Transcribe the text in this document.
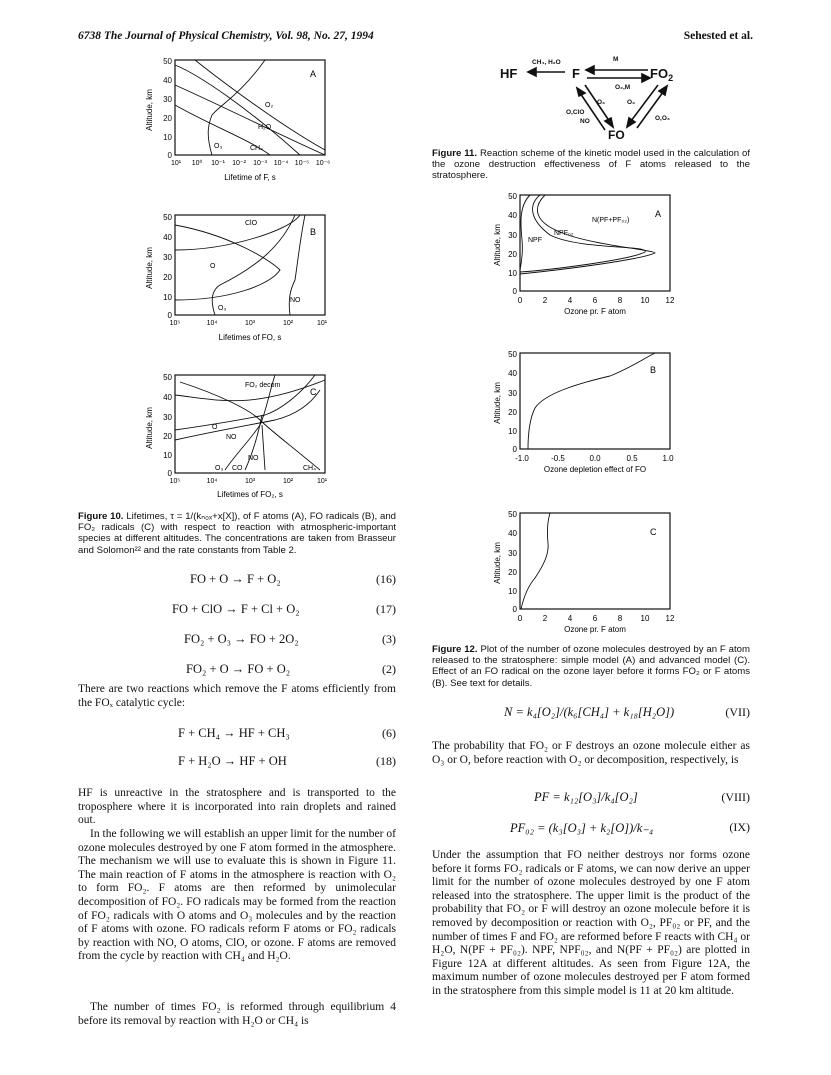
6738 The Journal of Physical Chemistry, Vol. 98, No. 27, 1994	Sehested et al.
50
40
30
20
10
0
Altitude, km
10¹ 10⁰ 10⁻¹ 10⁻² 10⁻³ 10⁻⁴ 10⁻⁵ 10⁻⁶
Lifetime of F, s
A
O₂
H₂O
O₃	CH₄
50
40
30
20
10
0
Altitude, km
10⁵	10⁴	10³	10²	10¹
Lifetimes of FO, s
B
ClO
O
O₃
NO
50
40
30
20
10
0
Altitude, km
10⁵	10⁴	10³	10²	10¹
Lifetimes of FO₂, s
C
FO₂ decom
O
NO
NO
O₃ CO	CH₄
Figure 10. Lifetimes, τ = 1/(kₙ₀ₓ+x[X]), of F atoms (A), FO radicals (B), and FO₂ radicals (C) with respect to reaction with atmospheric-important species at different altitudes. The concentrations are taken from Brasseur and Solomon²² and the rate constants from Table 2.
FO + O → F + O₂	(16)
FO + ClO → F + Cl + O₂	(17)
FO₂ + O₃ → FO + 2O₂	(3)
FO₂ + O → FO + O₂	(2)
There are two reactions which remove the F atoms efficiently from the FOₓ catalytic cycle:
F + CH₄ → HF + CH₃	(6)
F + H₂O → HF + OH	(18)

HF is unreactive in the stratosphere and is transported to the troposphere where it is incorporated into rain droplets and rained out.

In the following we will establish an upper limit for the number of ozone molecules destroyed by one F atom formed in the atmosphere. The mechanism we will use to evaluate this is shown in Figure 11. The main reaction of F atoms in the atmosphere is reaction with O₂ to form FO₂. F atoms are then reformed by unimolecular decomposition of FO₂. FO radicals may be formed from the reaction of FO₂ radicals with O atoms and O₃ molecules and by the reaction of F atoms with ozone. FO radicals reform F atoms or FO₂ radicals by reaction with NO, O atoms, ClO, or ozone. F atoms are removed from the cycle by reaction with CH₄ and H₂O.

The number of times FO₂ is reformed through equilibrium 4 before its removal by reaction with H₂O or CH₄ is

HF	F	$FO_2$
FO
CH₄, H₂O	M
O₂,M
O₃	O₃
O,ClO
NO	O,O₃
Figure 11. Reaction scheme of the kinetic model used in the calculation of the ozone destruction effectiveness of F atoms released to the stratosphere.
50
40
30
20
10
0
Altitude, km
0	2	4	6	8 10 12
Ozone pr. F atom
A
NPF
NPF₀₂
N(PF+PF₀₂)
50
40
30
20
10
0
Altitude, km
-1.0	-0.5	0.0	0.5	1.0
Ozone depletion effect of FO
B
50
40
30
20
10
0
Altitude, km
0	2	4	6	8 10 12
Ozone pr. F atom
C
Figure 12. Plot of the number of ozone molecules destroyed by an F atom released to the stratosphere: simple model (A) and advanced model (C). Effect of an FO radical on the ozone layer before it forms FO₂ or F atoms (B). See text for details.
N = k₄[O₂]/(k₆[CH₄] + k₁₈[H₂O])	(VII)

The probability that FO₂ or F destroys an ozone molecule either as O₃ or O, before reaction with O₂ or decomposition, respectively, is

PF = k₁₂[O₃]/k₄[O₂]	(VIII)
PF₀₂ = (k₃[O₃] + k₂[O])/k₋₄	(IX)

Under the assumption that FO neither destroys nor forms ozone before it forms FO₂ radicals or F atoms, we can now derive an upper limit for the number of ozone molecules destroyed by one F atom released into the stratosphere. The upper limit is the product of the probability that FO₂ or F will destroy an ozone molecule before it is removed by decomposition or reaction with O₂, PF₀₂ or PF, and the number of times F and FO₂ are reformed before F reacts with CH₄ or H₂O, N(PF + PF₀₂). NPF, NPF₀₂, and N(PF + PF₀₂) are plotted in Figure 12A at different altitudes. As seen from Figure 12A, the maximum number of ozone molecules destroyed per F atom formed in the stratosphere from this simple model is 11 at 20 km altitude.
